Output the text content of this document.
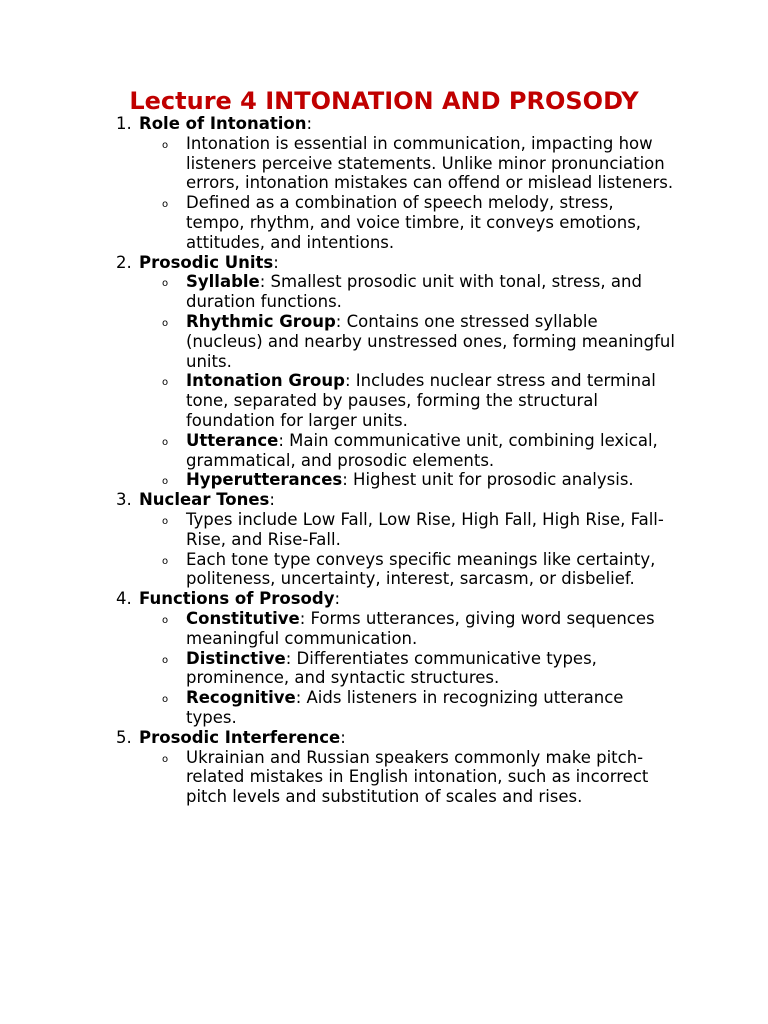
Lecture 4 INTONATION AND PROSODY
1. Role of Intonation:
o Intonation is essential in communication, impacting how listeners perceive statements. Unlike minor pronunciation errors, intonation mistakes can offend or mislead listeners.
o Defined as a combination of speech melody, stress, tempo, rhythm, and voice timbre, it conveys emotions, attitudes, and intentions.
2. Prosodic Units:
o Syllable: Smallest prosodic unit with tonal, stress, and duration functions.
o Rhythmic Group: Contains one stressed syllable (nucleus) and nearby unstressed ones, forming meaningful units.
o Intonation Group: Includes nuclear stress and terminal tone, separated by pauses, forming the structural foundation for larger units.
o Utterance: Main communicative unit, combining lexical, grammatical, and prosodic elements.
o Hyperutterances: Highest unit for prosodic analysis.
3. Nuclear Tones:
o Types include Low Fall, Low Rise, High Fall, High Rise, Fall-Rise, and Rise-Fall.
o Each tone type conveys specific meanings like certainty, politeness, uncertainty, interest, sarcasm, or disbelief.
4. Functions of Prosody:
o Constitutive: Forms utterances, giving word sequences meaningful communication.
o Distinctive: Differentiates communicative types, prominence, and syntactic structures.
o Recognitive: Aids listeners in recognizing utterance types.
5. Prosodic Interference:
o Ukrainian and Russian speakers commonly make pitch-related mistakes in English intonation, such as incorrect pitch levels and substitution of scales and rises.
